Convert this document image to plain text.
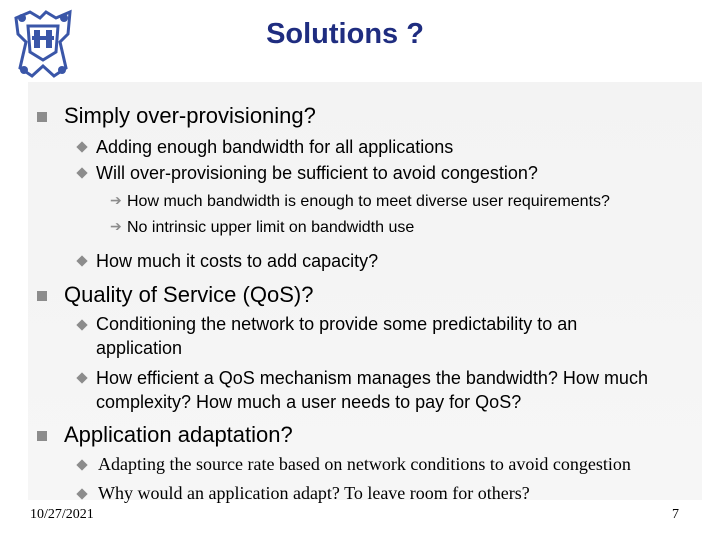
Solutions ?
Simply over-provisioning?
Adding enough bandwidth for all applications
Will over-provisioning be sufficient to avoid congestion?
➔ How much bandwidth is enough to meet diverse user requirements?
➔ No intrinsic upper limit on bandwidth use
How much it costs to add capacity?
Quality of Service (QoS)?
Conditioning the network to provide some predictability to an application
How efficient a QoS mechanism manages the bandwidth? How much complexity? How much a user needs to pay for QoS?
Application adaptation?
Adapting the source rate based on network conditions to avoid congestion
Why would an application adapt? To leave room for others?
10/27/2021	7
